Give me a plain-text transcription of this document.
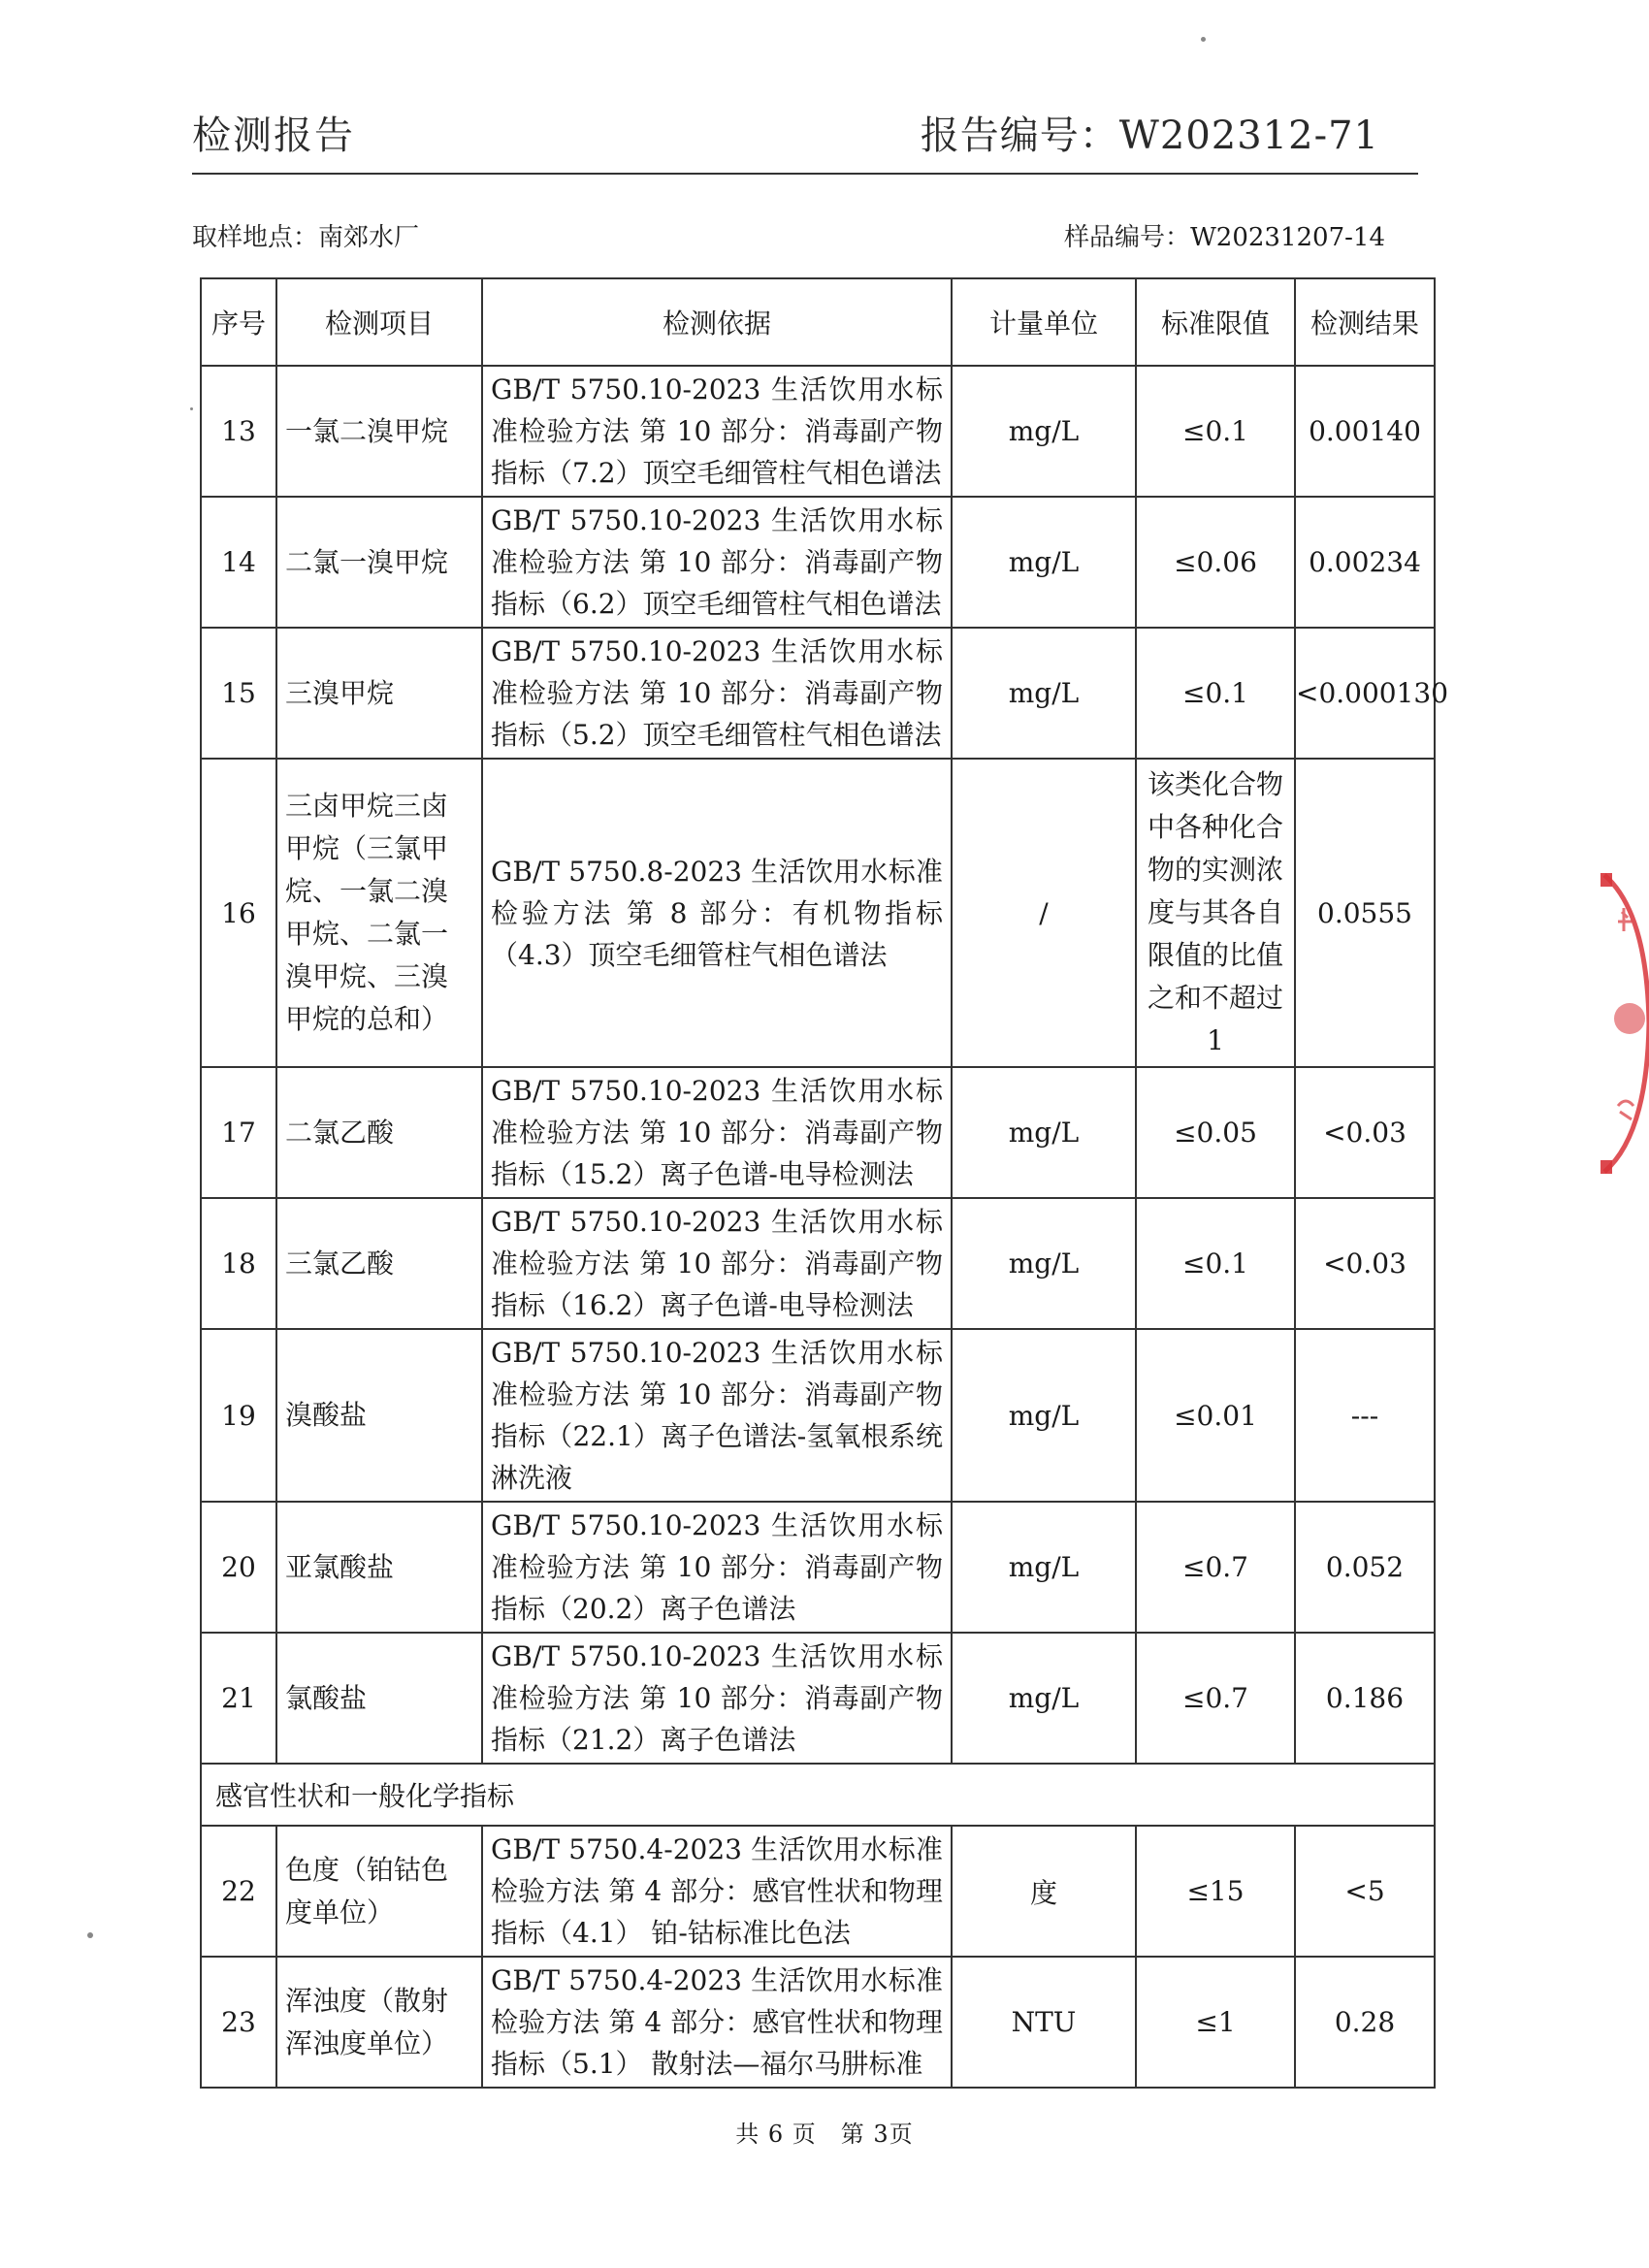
检测报告	报告编号：W202312-71
取样地点：南郊水厂	样品编号：W20231207-14
序号	检测项目	检测依据	计量单位	标准限值	检测结果
13	一氯二溴甲烷	GB/T 5750.10-2023 生活饮用水标准检验方法 第 10 部分：消毒副产物指标（7.2）顶空毛细管柱气相色谱法	mg/L	≤0.1	0.00140
14	二氯一溴甲烷	GB/T 5750.10-2023 生活饮用水标准检验方法 第 10 部分：消毒副产物指标（6.2）顶空毛细管柱气相色谱法	mg/L	≤0.06	0.00234
15	三溴甲烷	GB/T 5750.10-2023 生活饮用水标准检验方法 第 10 部分：消毒副产物指标（5.2）顶空毛细管柱气相色谱法	mg/L	≤0.1	<0.000130
16	三卤甲烷三卤甲烷（三氯甲烷、一氯二溴甲烷、二氯一溴甲烷、三溴甲烷的总和）	GB/T 5750.8-2023 生活饮用水标准检验方法 第 8 部分：有机物指标（4.3）顶空毛细管柱气相色谱法	/	该类化合物中各种化合物的实测浓度与其各自限值的比值之和不超过1	0.0555
17	二氯乙酸	GB/T 5750.10-2023 生活饮用水标准检验方法 第 10 部分：消毒副产物指标（15.2）离子色谱-电导检测法	mg/L	≤0.05	<0.03
18	三氯乙酸	GB/T 5750.10-2023 生活饮用水标准检验方法 第 10 部分：消毒副产物指标（16.2）离子色谱-电导检测法	mg/L	≤0.1	<0.03
19	溴酸盐	GB/T 5750.10-2023 生活饮用水标准检验方法 第 10 部分：消毒副产物指标（22.1）离子色谱法-氢氧根系统淋洗液	mg/L	≤0.01	---
20	亚氯酸盐	GB/T 5750.10-2023 生活饮用水标准检验方法 第 10 部分：消毒副产物指标（20.2）离子色谱法	mg/L	≤0.7	0.052
21	氯酸盐	GB/T 5750.10-2023 生活饮用水标准检验方法 第 10 部分：消毒副产物指标（21.2）离子色谱法	mg/L	≤0.7	0.186
感官性状和一般化学指标					
22	色度（铂钴色度单位）	GB/T 5750.4-2023 生活饮用水标准检验方法 第 4 部分：感官性状和物理指标（4.1） 铂-钴标准比色法	度	≤15	<5
23	浑浊度（散射浑浊度单位）	GB/T 5750.4-2023 生活饮用水标准检验方法 第 4 部分：感官性状和物理指标（5.1） 散射法—福尔马肼标准	NTU	≤1	0.28
共 6 页　第 3页
